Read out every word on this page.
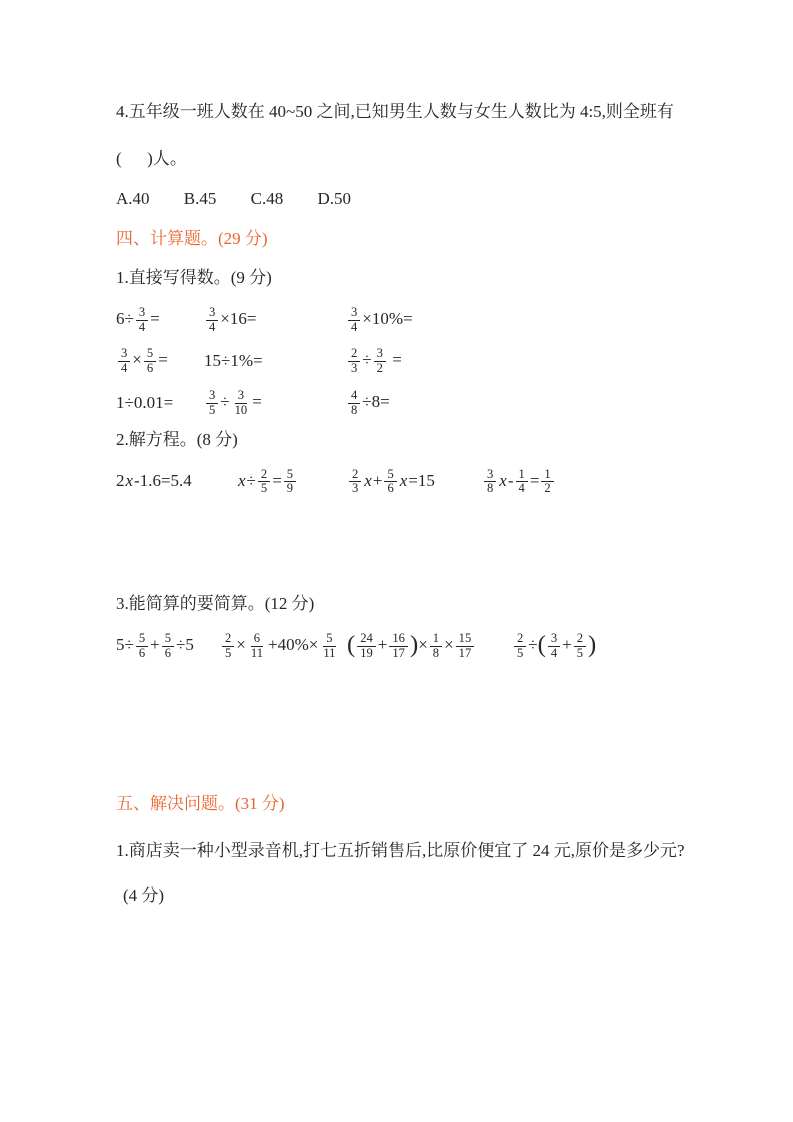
4.五年级一班人数在 40~50 之间,已知男生人数与女生人数比为 4:5,则全班有

(      )人。

A.40 B.45 C.48 D.50

四、计算题。(29 分)

1.直接写得数。(9 分)

$6\div \frac{3}{4}$ =	$\frac{3}{4} \times 16=$	$\frac{3}{4} \times 10\%=$
$\frac{3}{4} \times \frac{5}{6}$ =	15÷1%=	$\frac{2}{3} \div \frac{3}{2}$ =
1÷0.01=	$\frac{3}{5} \div \frac{3}{10}$ =	$\frac{4}{8} \div 8=$

2.解方程。(8 分)

2x-1.6=5.4	$x\div \frac{2}{5} = \frac{5}{9}$	$\frac{2}{3} x+ \frac{5}{6} x=15$	$\frac{3}{8} x- \frac{1}{4} = \frac{1}{2}$

3.能简算的要简算。(12 分)

$5\div \frac{5}{6} + \frac{5}{6} \div 5$	$\frac{2}{5} \times \frac{6}{11} +40\%\times \frac{5}{11}$ ( $\frac{24}{19} + \frac{16}{17}$ )× $\frac{1}{8} \times \frac{15}{17}$	$\frac{2}{5}$ ÷( $\frac{3}{4} + \frac{2}{5}$ )

五、解决问题。(31 分)

1.商店卖一种小型录音机,打七五折销售后,比原价便宜了 24 元,原价是多少元?

(4 分)
